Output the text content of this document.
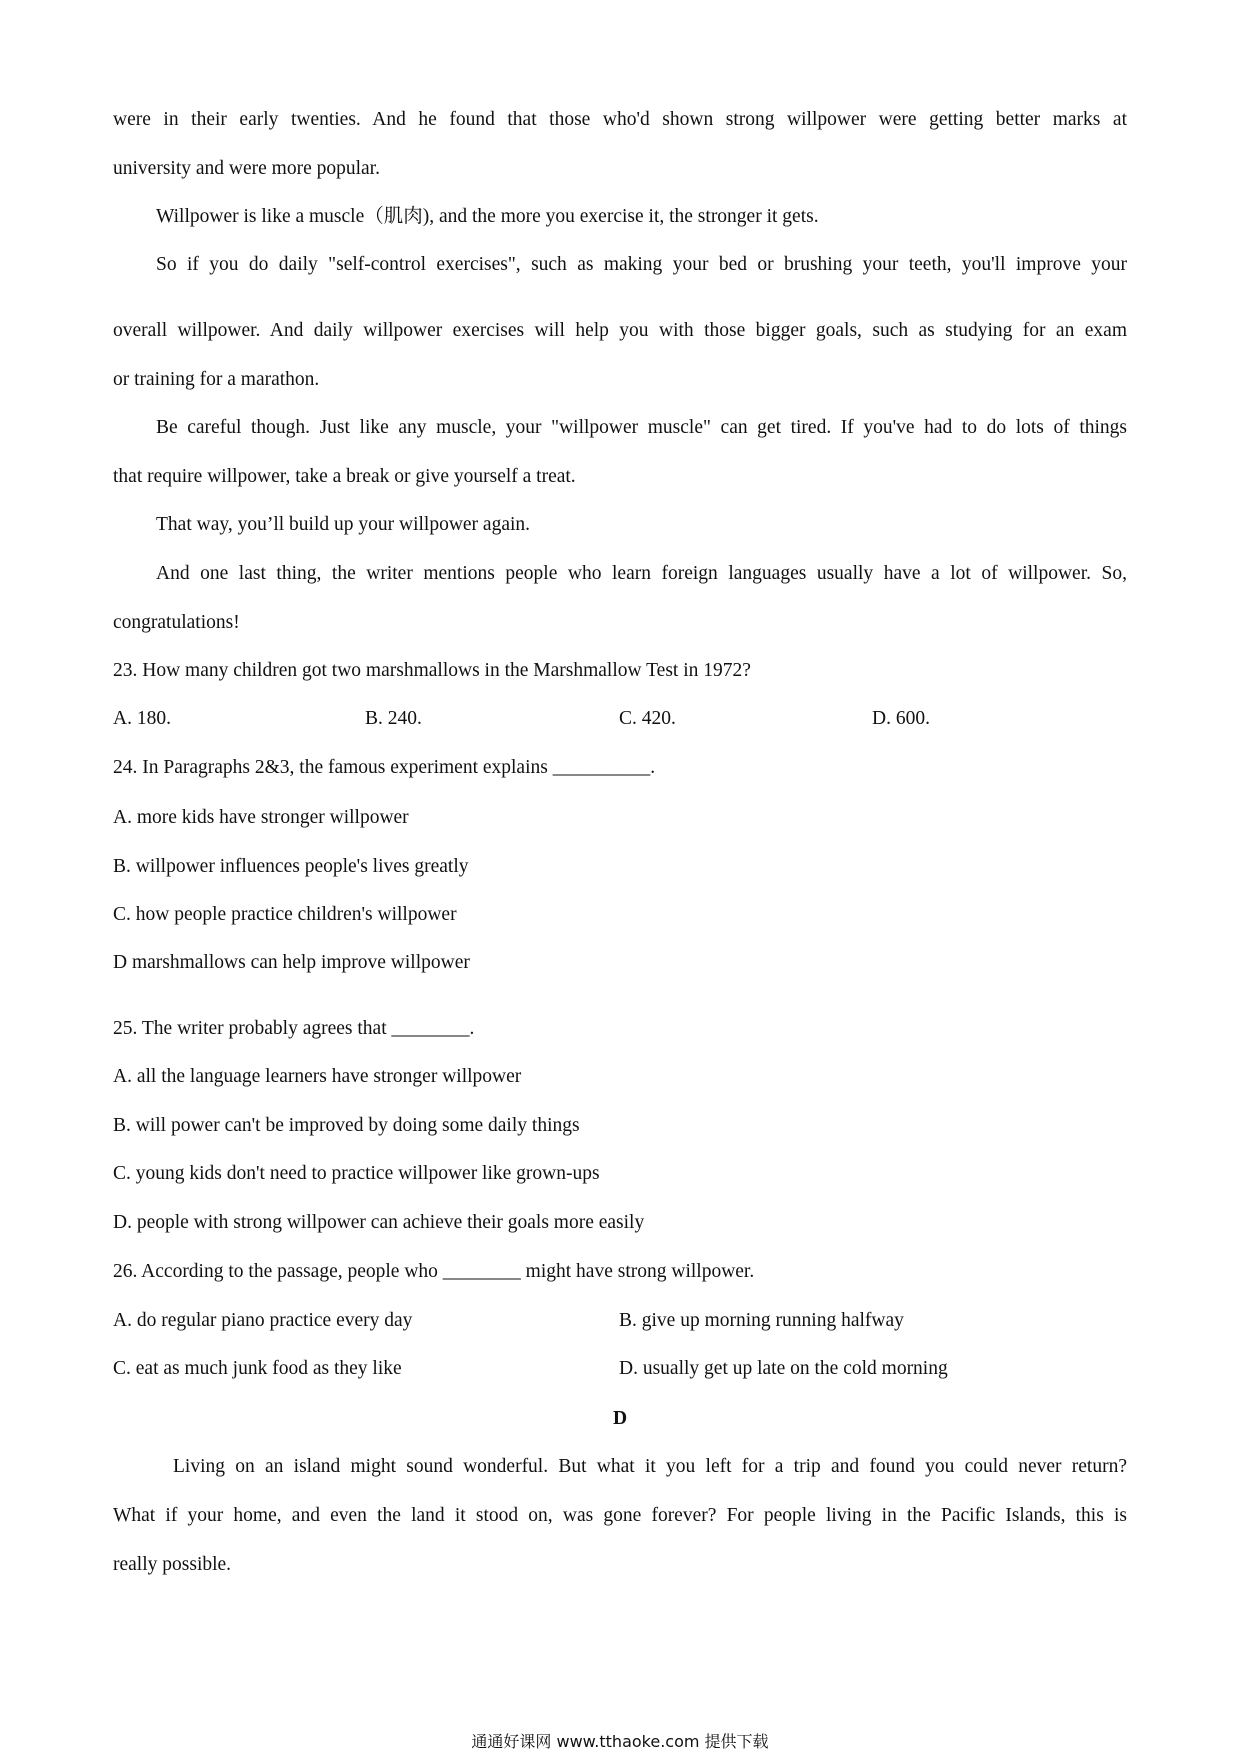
were in their early twenties. And he found that those who'd shown strong willpower were getting better marks at
university and were more popular.
Willpower is like a muscle（肌肉), and the more you exercise it, the stronger it gets.
So if you do daily "self-control exercises", such as making your bed or brushing your teeth, you'll improve your
overall willpower. And daily willpower exercises will help you with those bigger goals, such as studying for an exam
or training for a marathon.
Be careful though. Just like any muscle, your "willpower muscle" can get tired. If you've had to do lots of things
that require willpower, take a break or give yourself a treat.
That way, you’ll build up your willpower again.
And one last thing, the writer mentions people who learn foreign languages usually have a lot of willpower. So,
congratulations!
23. How many children got two marshmallows in the Marshmallow Test in 1972?
A. 180.	B. 240.	C. 420.	D. 600.
24. In Paragraphs 2&3, the famous experiment explains __________.
A. more kids have stronger willpower
B. willpower influences people's lives greatly
C. how people practice children's willpower
D marshmallows can help improve willpower
25. The writer probably agrees that ________.
A. all the language learners have stronger willpower
B. will power can't be improved by doing some daily things
C. young kids don't need to practice willpower like grown-ups
D. people with strong willpower can achieve their goals more easily
26. According to the passage, people who ________ might have strong willpower.
A. do regular piano practice every day	B. give up morning running halfway
C. eat as much junk food as they like	D. usually get up late on the cold morning
D
Living on an island might sound wonderful. But what it you left for a trip and found you could never return?
What if your home, and even the land it stood on, was gone forever? For people living in the Pacific Islands, this is
really possible.
通通好课网 www.tthaoke.com 提供下载
